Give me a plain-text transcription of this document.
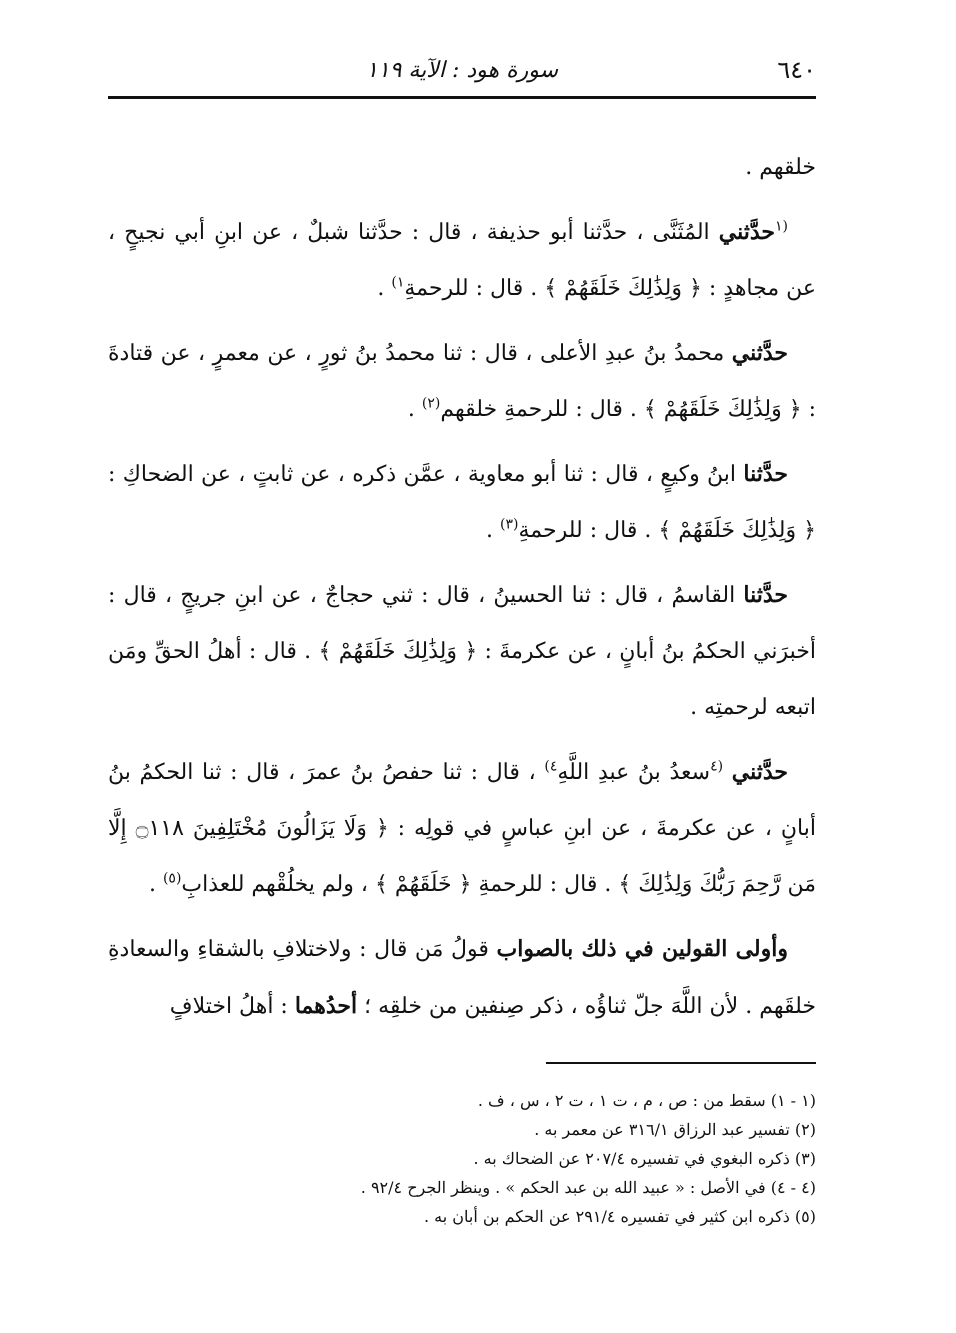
سورة هود : الآية ١١٩	٦٤٠

خلقهم .

$^{(١}$حدَّثني المُثَنَّى ، حدَّثنا أبو حذيفة ، قال : حدَّثنا شبلٌ ، عن ابنِ أبي نجيحٍ ، عن مجاهدٍ : ﴿ وَلِذَٰلِكَ خَلَقَهُمْ ﴾ . قال : للرحمةِ$^{١)}$ .

حدَّثني محمدُ بنُ عبدِ الأعلى ، قال : ثنا محمدُ بنُ ثورٍ ، عن معمرٍ ، عن قتادةَ : ﴿ وَلِذَٰلِكَ خَلَقَهُمْ ﴾ . قال : للرحمةِ خلقهم$^{(٢)}$ .

حدَّثنا ابنُ وكيعٍ ، قال : ثنا أبو معاوية ، عمَّن ذكره ، عن ثابتٍ ، عن الضحاكِ : ﴿ وَلِذَٰلِكَ خَلَقَهُمْ ﴾ . قال : للرحمةِ$^{(٣)}$ .

حدَّثنا القاسمُ ، قال : ثنا الحسينُ ، قال : ثني حجاجٌ ، عن ابنِ جريجٍ ، قال : أخبرَني الحكمُ بنُ أبانٍ ، عن عكرمةَ : ﴿ وَلِذَٰلِكَ خَلَقَهُمْ ﴾ . قال : أهلُ الحقِّ ومَن اتبعه لرحمتِه .

حدَّثني $^{(٤}$سعدُ بنُ عبدِ اللَّهِ$^{٤)}$ ، قال : ثنا حفصُ بنُ عمرَ ، قال : ثنا الحكمُ بنُ أبانٍ ، عن عكرمةَ ، عن ابنِ عباسٍ في قولِه : ﴿ وَلَا يَزَالُونَ مُخْتَلِفِينَ ۝١١٨ إِلَّا مَن رَّحِمَ رَبُّكَ وَلِذَٰلِكَ ﴾ . قال : للرحمةِ ﴿ خَلَقَهُمْ ﴾ ، ولم يخلُقْهم للعذابِ$^{(٥)}$ .

وأولى القولين في ذلك بالصواب قولُ مَن قال : ولاختلافِ بالشقاءِ والسعادةِ خلقَهم . لأن اللَّهَ جلّ ثناؤُه ، ذكر صِنفين من خلقِه ؛ أحدُهما : أهلُ اختلافٍ

(١ - ١) سقط من : ص ، م ، ت ١ ، ت ٢ ، س ، ف .
(٢) تفسير عبد الرزاق ٣١٦/١ عن معمر به .
(٣) ذكره البغوي في تفسيره ٢٠٧/٤ عن الضحاك به .
(٤ - ٤) في الأصل : « عبيد الله بن عبد الحكم » . وينظر الجرح ٩٢/٤ .
(٥) ذكره ابن كثير في تفسيره ٢٩١/٤ عن الحكم بن أبان به .
